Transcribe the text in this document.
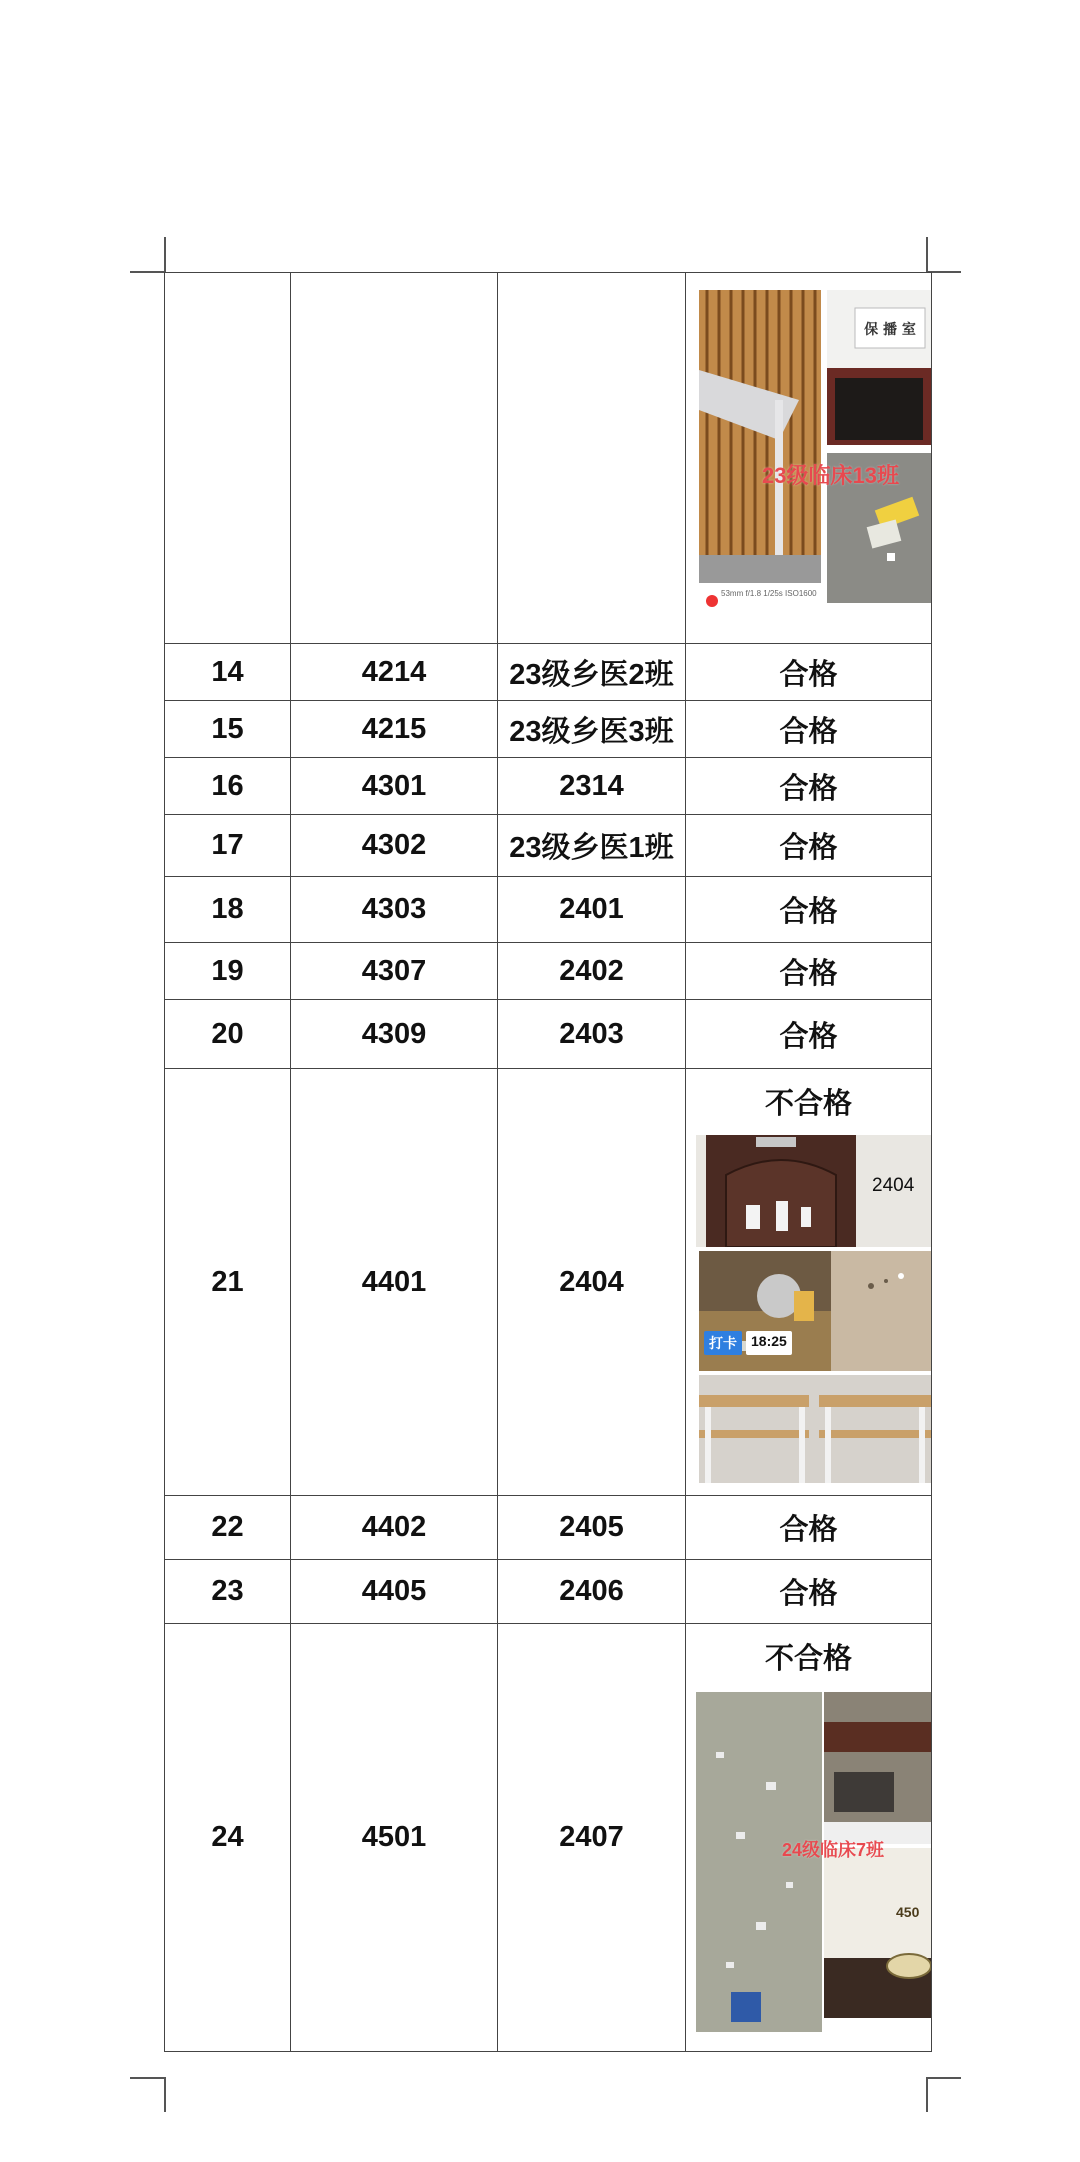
			53mm f/1.8 1/25s ISO1600
保 播 室
23级临床13班

14	4214	23级乡医2班	合格
15	4215	23级乡医3班	合格
16	4301	2314	合格
17	4302	23级乡医1班	合格
18	4303	2401	合格
19	4307	2402	合格
20	4309	2403	合格
21	4401	2404	不合格
2404
打卡 18:25

22	4402	2405	合格
23	4405	2406	合格
24	4501	2407	不合格
450
24级临床7班
